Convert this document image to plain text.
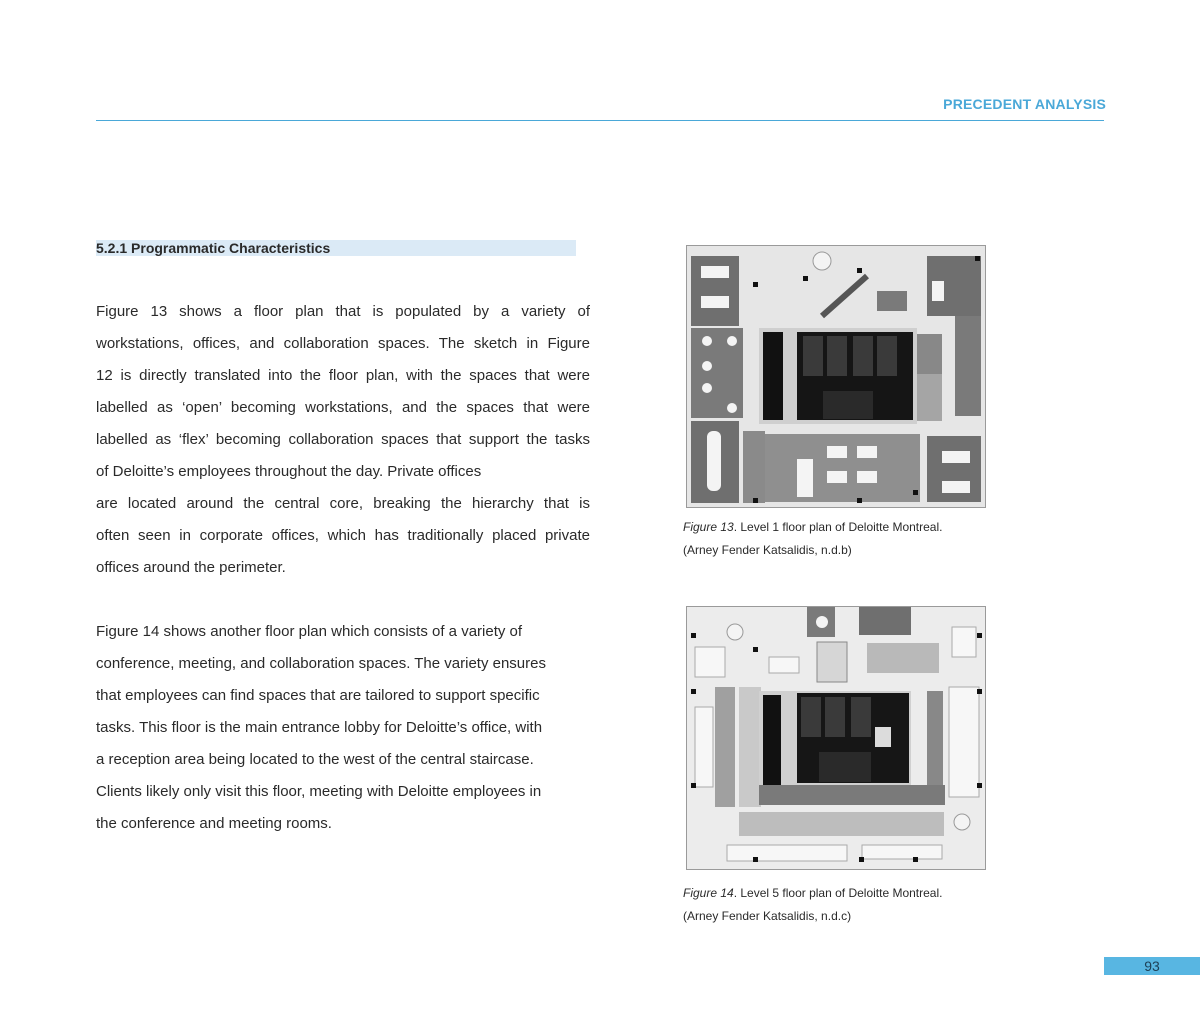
PRECEDENT ANALYSIS
5.2.1 Programmatic Characteristics
Figure 13 shows a floor plan that is populated by a variety of
workstations, offices, and collaboration spaces. The sketch in Figure
12 is directly translated into the floor plan, with the spaces that were
labelled as ‘open’ becoming workstations, and the spaces that were
labelled as ‘flex’ becoming collaboration spaces that support the tasks
of Deloitte’s employees throughout the day. Private offices
are located around the central core, breaking the hierarchy that is
often seen in corporate offices, which has traditionally placed private
offices around the perimeter.
Figure 14 shows another floor plan which consists of a variety of
conference, meeting, and collaboration spaces. The variety ensures
that employees can find spaces that are tailored to support specific
tasks. This floor is the main entrance lobby for Deloitte’s office, with
a reception area being located to the west of the central staircase.
Clients likely only visit this floor, meeting with Deloitte employees in
the conference and meeting rooms.
Figure 13. Level 1 floor plan of Deloitte Montreal.
(Arney Fender Katsalidis, n.d.b)
Figure 14. Level 5 floor plan of Deloitte Montreal.
(Arney Fender Katsalidis, n.d.c)
93
